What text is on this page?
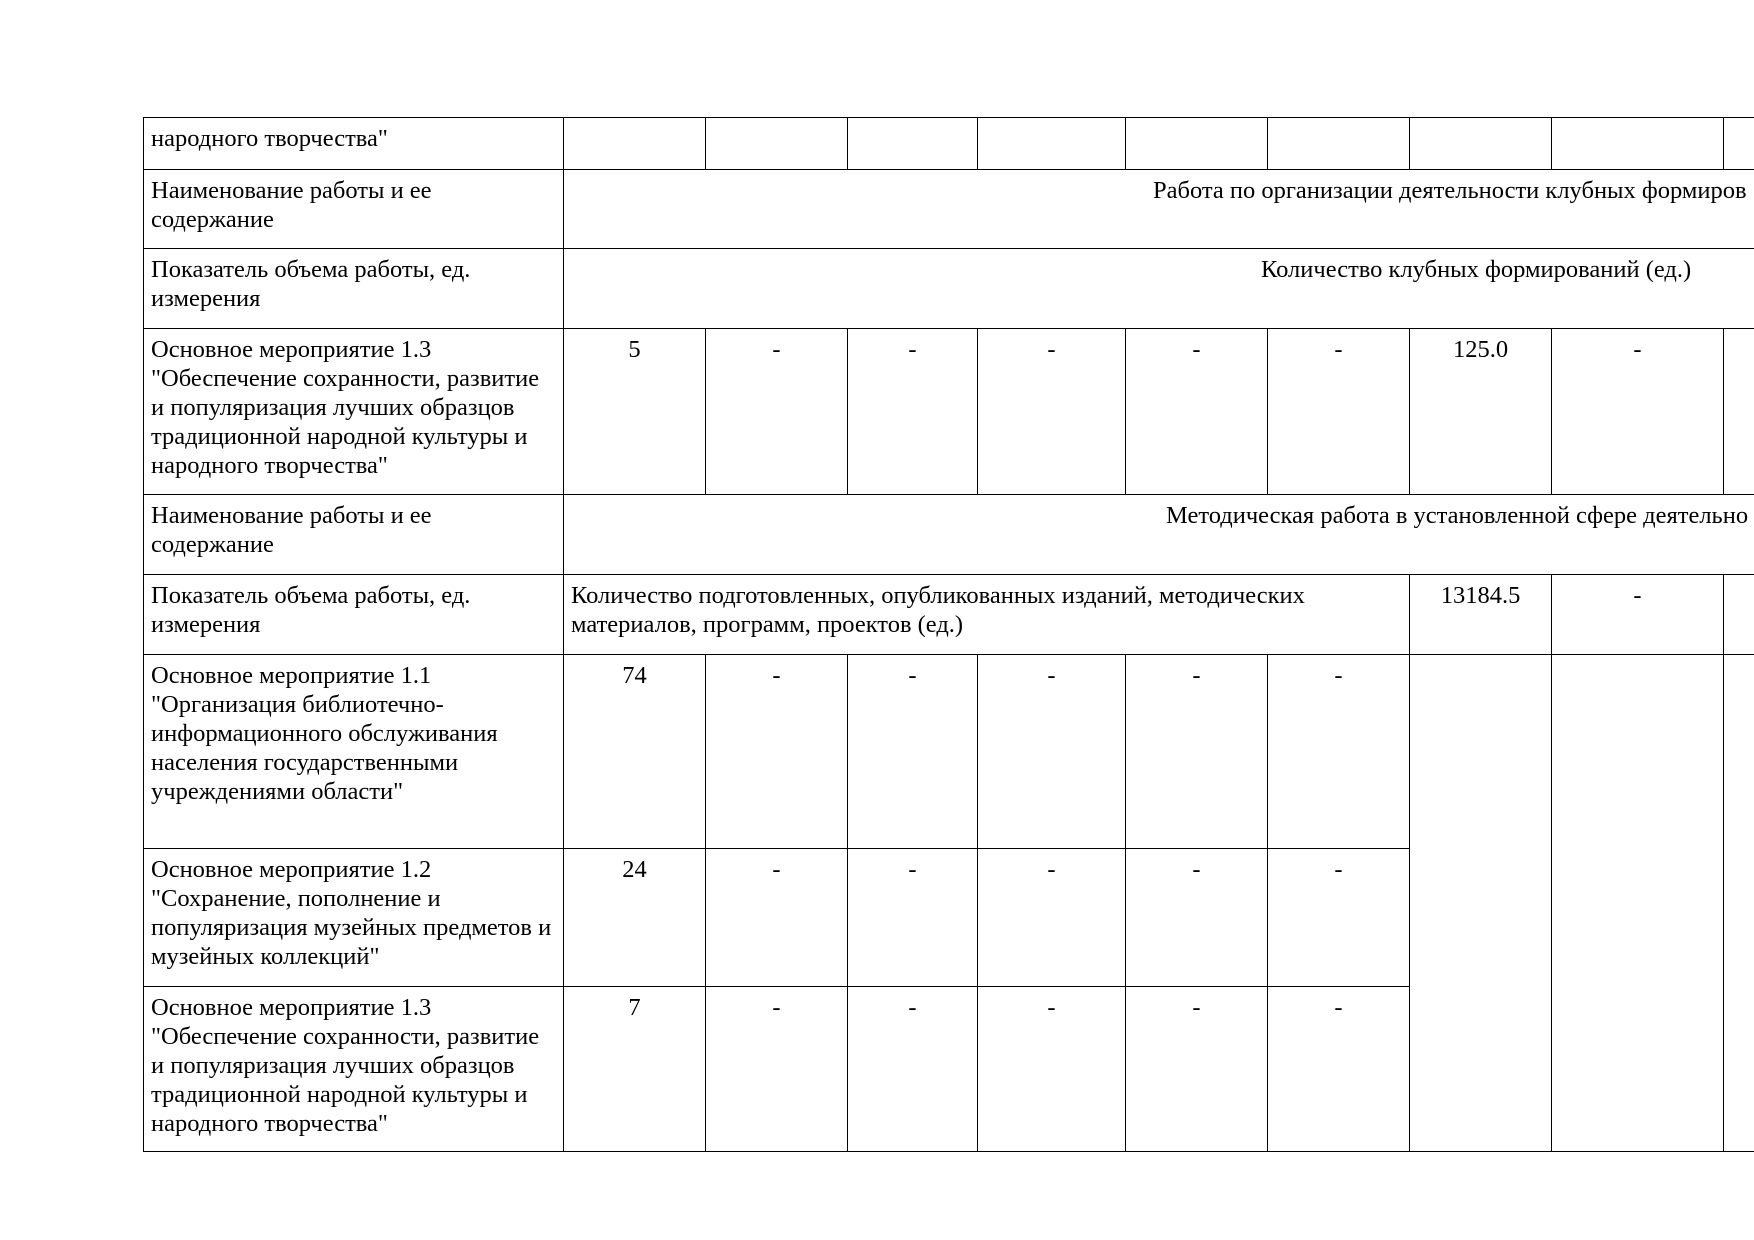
народного творчества"									
Наименование работы и ее содержание	Работа по организации деятельности клубных формиров								
Показатель объема работы, ед. измерения	Количество клубных формирований (ед.)								
Основное мероприятие 1.3 "Обеспечение сохранности, развитие и популяризация лучших образцов традиционной народной культуры и народного творчества"	5	-	-	-	-	-	125.0	-	
Наименование работы и ее содержание	Методическая работа в установленной сфере деятельно								
Показатель объема работы, ед. измерения	Количество подготовленных, опубликованных изданий, методических материалов, программ, проектов (ед.)						13184.5	-	
Основное мероприятие 1.1 "Организация библиотечно-информационного обслуживания населения государственными учреждениями области"	74	-	-	-	-	-			
Основное мероприятие 1.2 "Сохранение, пополнение и популяризация музейных предметов и музейных коллекций"	24	-	-	-	-	-			
Основное мероприятие 1.3 "Обеспечение сохранности, развитие и популяризация лучших образцов традиционной народной культуры и народного творчества"	7	-	-	-	-	-			
